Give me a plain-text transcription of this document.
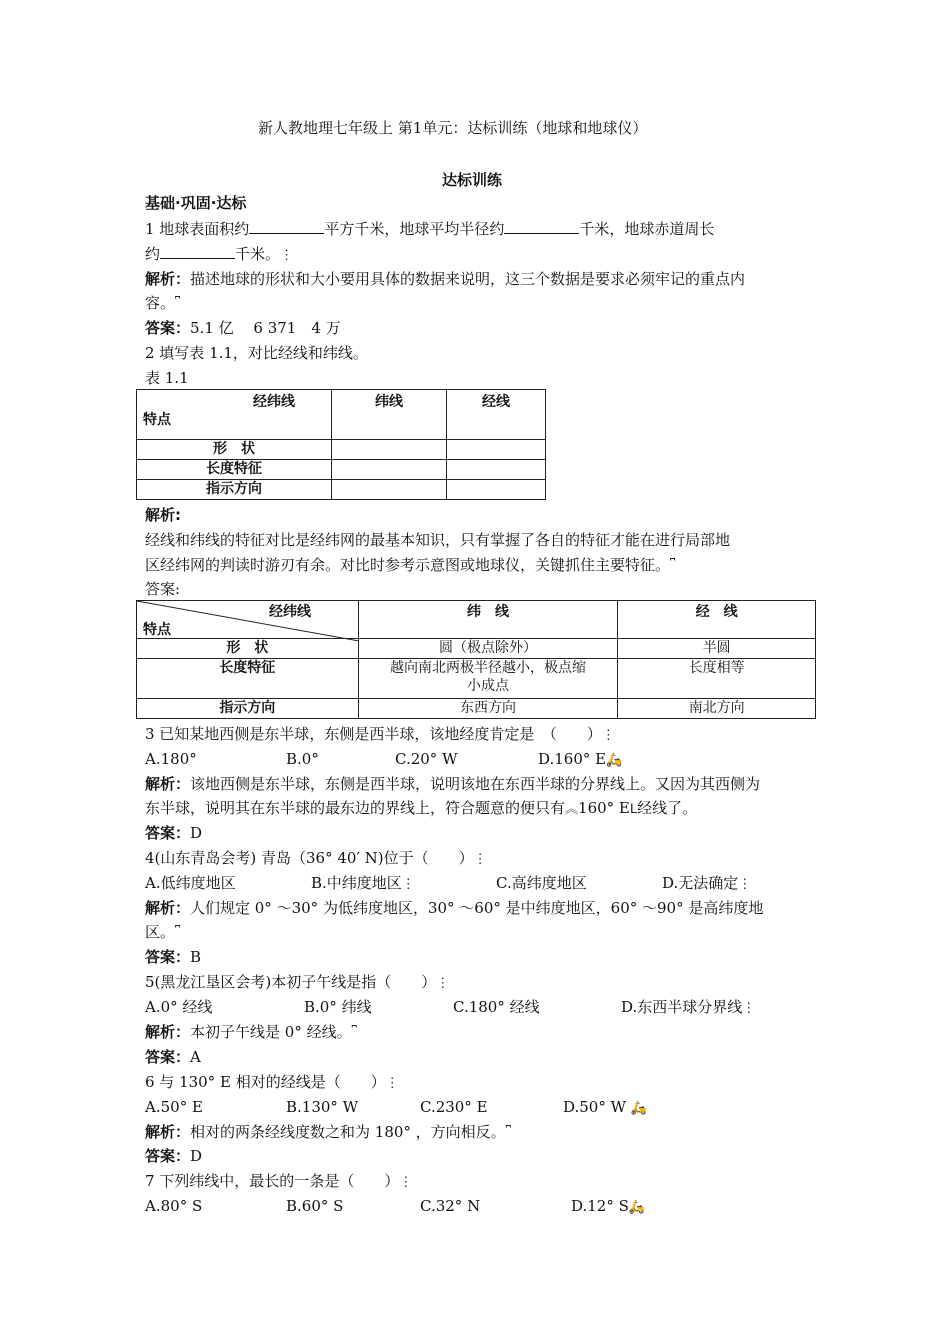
新人教地理七年级上 第1单元：达标训练（地球和地球仪）
达标训练
基础·巩固·达标
1 地球表面积约	平方千米，地球平均半径约	千米，地球赤道周长
约	千米。⋮
解析：描述地球的形状和大小要用具体的数据来说明，这三个数据是要求必须牢记的重点内
容。⎴
答案：5.1 亿　 6 371　4 万
2 填写表 1.1，对比经线和纬线。
表 1.1
经纬线
特点	纬线	经线
形　状		
长度特征		
指示方向		
解析:
经线和纬线的特征对比是经纬网的最基本知识，只有掌握了各自的特征才能在进行局部地
区经纬网的判读时游刃有余。对比时参考示意图或地球仪，关键抓住主要特征。⎴
答案:
经纬线
特点	纬　线	经　线
形　状	圆（极点除外）	半圆
长度特征	越向南北两极半径越小，极点缩
小成点	长度相等
指示方向	东西方向	南北方向
3 已知某地西侧是东半球，东侧是西半球，该地经度肯定是　（　　）⋮
A.180°	B.0°	C.20° W	D.160° E🛵
解析：该地西侧是东半球，东侧是西半球，说明该地在东西半球的分界线上。又因为其西侧为
东半球，说明其在东半球的最东边的界线上，符合题意的便只有︽160° Eᒪ经线了。
答案：D
4(山东青岛会考) 青岛（36° 40′ N)位于（　　）⋮
A.低纬度地区	B.中纬度地区⋮	C.高纬度地区	D.无法确定⋮
解析：人们规定 0° ～30° 为低纬度地区，30° ～60° 是中纬度地区，60° ～90° 是高纬度地
区。⎴
答案：B
5(黑龙江垦区会考)本初子午线是指（　　）⋮
A.0° 经线	B.0° 纬线	C.180° 经线	D.东西半球分界线⋮
解析：本初子午线是 0° 经线。⎴
答案：A
6 与 130° E 相对的经线是（　　）⋮
A.50° E	B.130° W	C.230° E	D.50° W 🛵
解析：相对的两条经线度数之和为 180° ，方向相反。⎴
答案：D
7 下列纬线中，最长的一条是（　　）⋮
A.80° S	B.60° S	C.32° N	D.12° S🛵
